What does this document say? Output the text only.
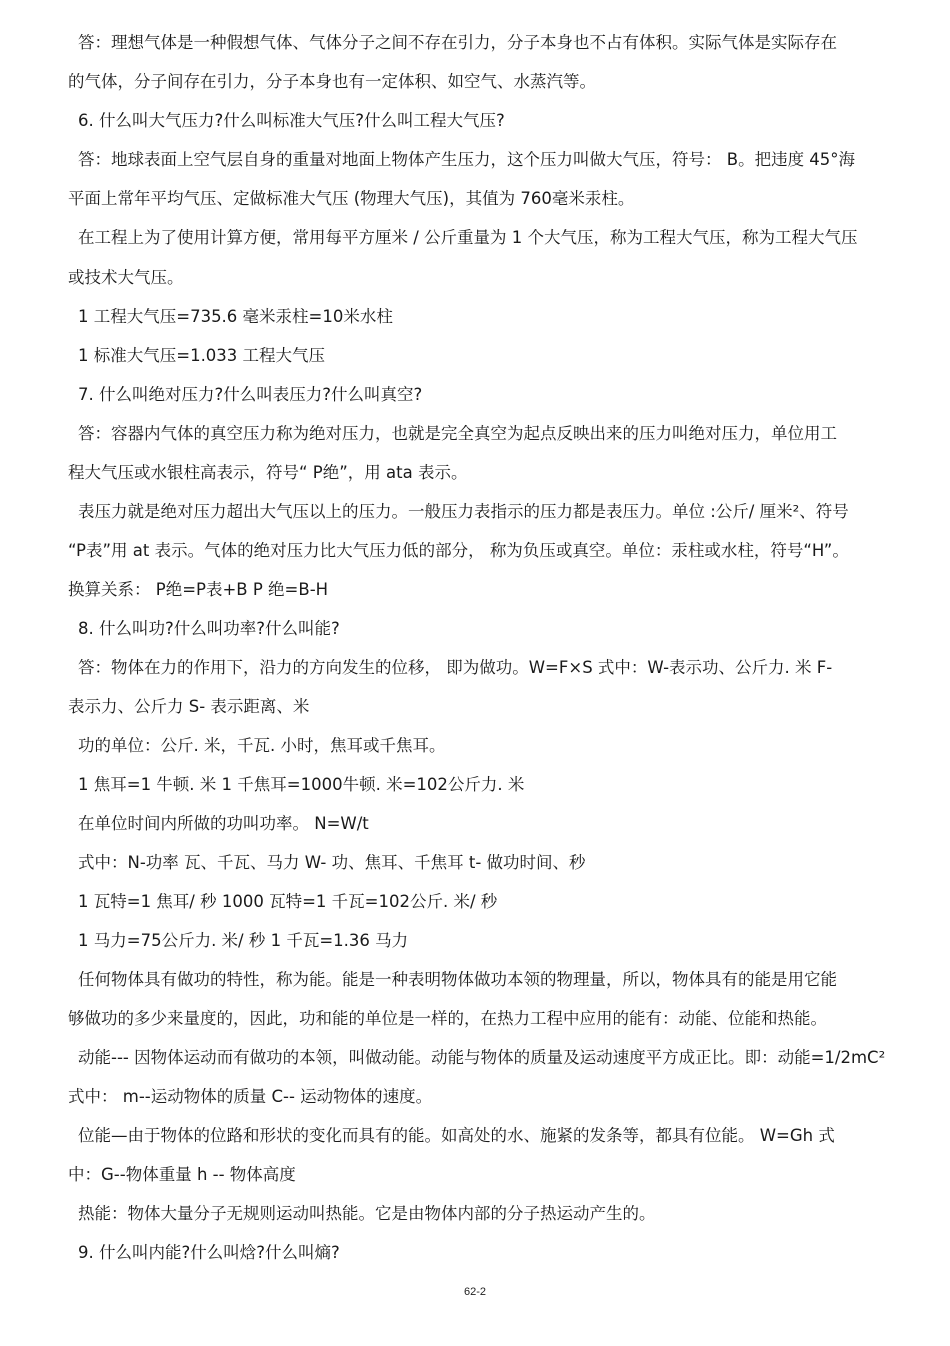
答：理想气体是一种假想气体、气体分子之间不存在引力，分子本身也不占有体积。实际气体是实际存在
的气体，分子间存在引力，分子本身也有一定体积、如空气、水蒸汽等。
6. 什么叫大气压力?什么叫标准大气压?什么叫工程大气压?
答：地球表面上空气层自身的重量对地面上物体产生压力，这个压力叫做大气压，符号： B。把违度 45°海
平面上常年平均气压、定做标准大气压 (物理大气压)，其值为 760毫米汞柱。
在工程上为了使用计算方便，常用每平方厘米 / 公斤重量为 1 个大气压，称为工程大气压，称为工程大气压
或技术大气压。
1 工程大气压=735.6 毫米汞柱=10米水柱
1 标准大气压=1.033 工程大气压
7. 什么叫绝对压力?什么叫表压力?什么叫真空?
答：容器内气体的真空压力称为绝对压力，也就是完全真空为起点反映出来的压力叫绝对压力，单位用工
程大气压或水银柱高表示，符号“ P绝”，用 ata 表示。
表压力就是绝对压力超出大气压以上的压力。一般压力表指示的压力都是表压力。单位 :公斤/ 厘米²、符号
“P表”用 at 表示。气体的绝对压力比大气压力低的部分， 称为负压或真空。单位：汞柱或水柱，符号“H”。
换算关系： P绝=P表+B P 绝=B-H
8. 什么叫功?什么叫功率?什么叫能?
答：物体在力的作用下，沿力的方向发生的位移， 即为做功。W=F×S 式中：W-表示功、公斤力. 米 F-
表示力、公斤力 S- 表示距离、米
功的单位：公斤. 米，千瓦. 小时，焦耳或千焦耳。
1 焦耳=1 牛顿. 米 1 千焦耳=1000牛顿. 米=102公斤力. 米
在单位时间内所做的功叫功率。 N=W/t
式中：N-功率 瓦、千瓦、马力 W- 功、焦耳、千焦耳 t- 做功时间、秒
1 瓦特=1 焦耳/ 秒 1000 瓦特=1 千瓦=102公斤. 米/ 秒
1 马力=75公斤力. 米/ 秒 1 千瓦=1.36 马力
任何物体具有做功的特性，称为能。能是一种表明物体做功本领的物理量，所以，物体具有的能是用它能
够做功的多少来量度的，因此，功和能的单位是一样的，在热力工程中应用的能有：动能、位能和热能。
动能--- 因物体运动而有做功的本领，叫做动能。动能与物体的质量及运动速度平方成正比。即：动能=1/2mC²
式中： m--运动物体的质量 C-- 运动物体的速度。
位能—由于物体的位路和形状的变化而具有的能。如高处的水、施紧的发条等，都具有位能。 W=Gh 式
中：G--物体重量 h -- 物体高度
热能：物体大量分子无规则运动叫热能。它是由物体内部的分子热运动产生的。
9. 什么叫内能?什么叫焓?什么叫熵?
62-2
